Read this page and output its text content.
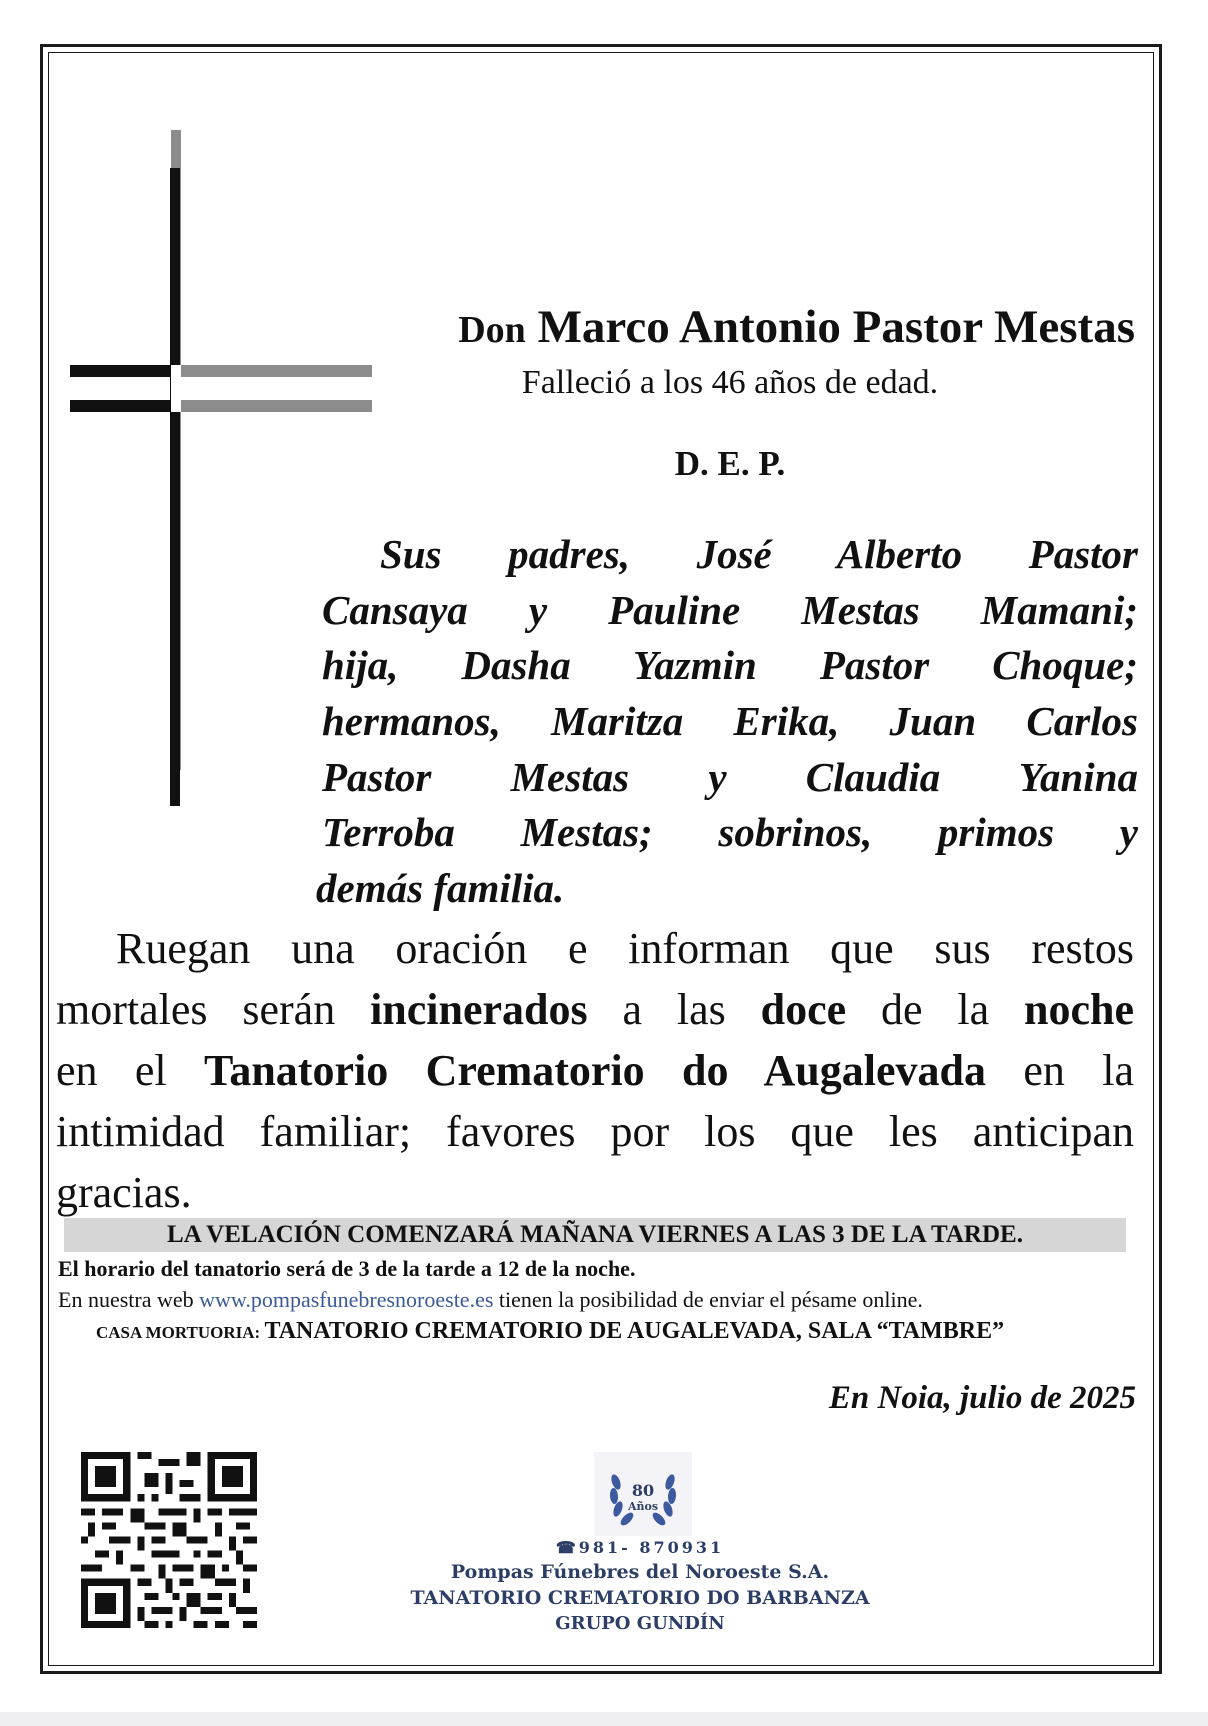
Don Marco Antonio Pastor Mestas
Falleció a los 46 años de edad.
D. E. P.
Sus padres, José Alberto Pastor
Cansaya y Pauline Mestas Mamani;
hija, Dasha Yazmin Pastor Choque;
hermanos, Maritza Erika, Juan Carlos
Pastor Mestas y Claudia Yanina
Terroba Mestas; sobrinos, primos y
demás familia.
Ruegan una oración e informan que sus restos
mortales serán incinerados a las doce de la noche
en el Tanatorio Crematorio do Augalevada en la
intimidad familiar; favores por los que les anticipan
gracias.
LA VELACIÓN COMENZARÁ MAÑANA VIERNES A LAS 3 DE LA TARDE.
El horario del tanatorio será de 3 de la tarde a 12 de la noche.
En nuestra web www.pompasfunebresnoroeste.es tienen la posibilidad de enviar el pésame online.
CASA MORTUORIA: TANATORIO CREMATORIO DE AUGALEVADA, SALA “TAMBRE”
En Noia, julio de 2025
80
Años
☎981- 870931
Pompas Fúnebres del Noroeste S.A.
TANATORIO CREMATORIO DO BARBANZA
GRUPO GUNDÍN
